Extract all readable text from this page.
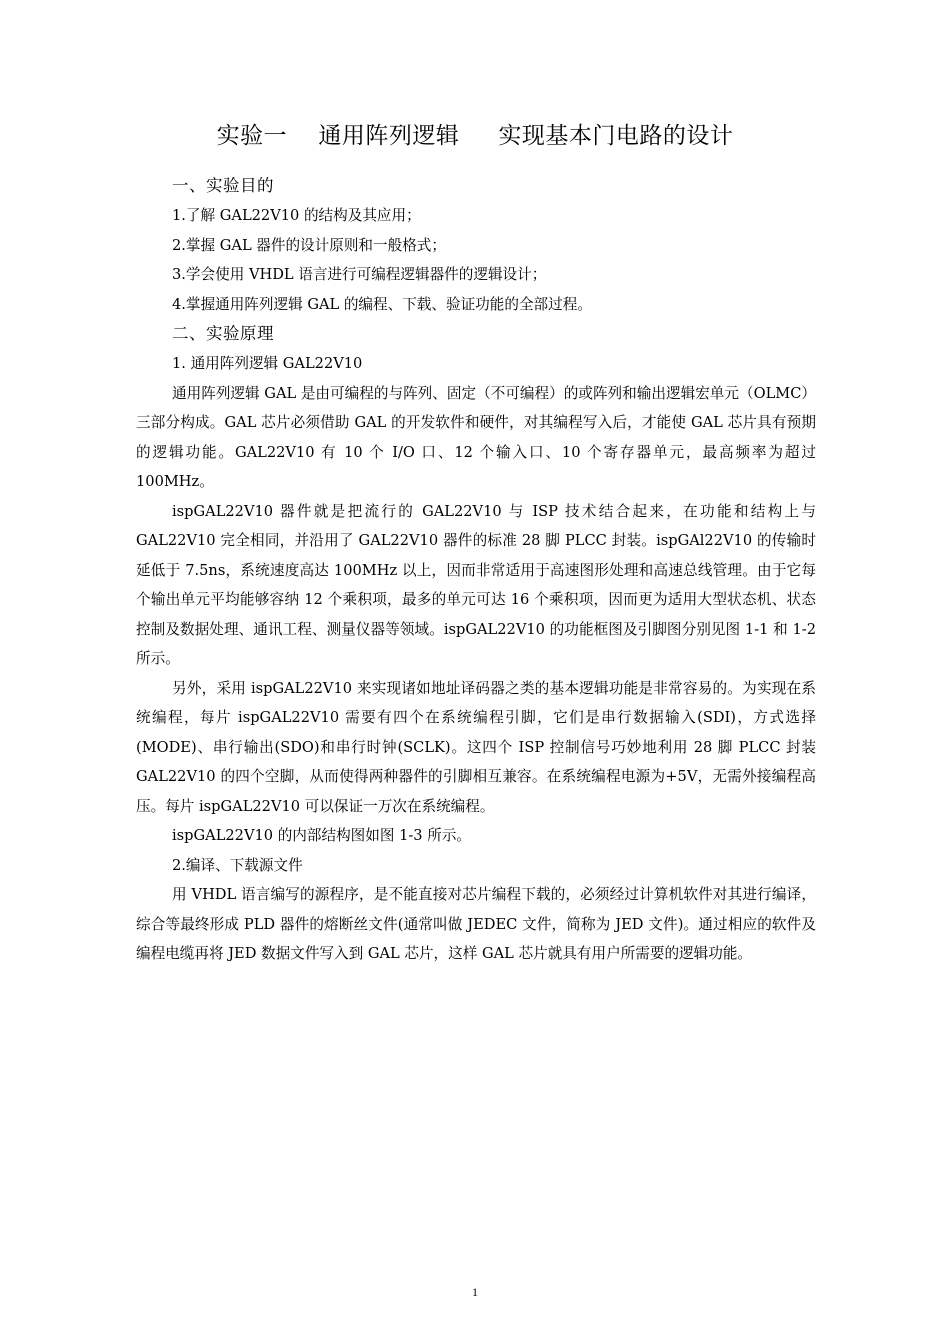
实验一    通用阵列逻辑     实现基本门电路的设计

一、实验目的

1.了解 GAL22V10 的结构及其应用；

2.掌握 GAL 器件的设计原则和一般格式；

3.学会使用 VHDL 语言进行可编程逻辑器件的逻辑设计；

4.掌握通用阵列逻辑 GAL 的编程、下载、验证功能的全部过程。

二、实验原理

1. 通用阵列逻辑 GAL22V10

通用阵列逻辑 GAL 是由可编程的与阵列、固定（不可编程）的或阵列和输出逻辑宏单元（OLMC）三部分构成。GAL 芯片必须借助 GAL 的开发软件和硬件，对其编程写入后，才能使 GAL 芯片具有预期的逻辑功能。GAL22V10 有 10 个 I/O 口、12 个输入口、10 个寄存器单元，最高频率为超过 100MHz。

ispGAL22V10 器件就是把流行的 GAL22V10 与 ISP 技术结合起来，在功能和结构上与 GAL22V10 完全相同，并沿用了 GAL22V10 器件的标准 28 脚 PLCC 封装。ispGAl22V10 的传输时延低于 7.5ns，系统速度高达 100MHz 以上，因而非常适用于高速图形处理和高速总线管理。由于它每个输出单元平均能够容纳 12 个乘积项，最多的单元可达 16 个乘积项，因而更为适用大型状态机、状态控制及数据处理、通讯工程、测量仪器等领域。ispGAL22V10 的功能框图及引脚图分别见图 1-1 和 1-2 所示。

另外，采用 ispGAL22V10 来实现诸如地址译码器之类的基本逻辑功能是非常容易的。为实现在系统编程，每片 ispGAL22V10 需要有四个在系统编程引脚，它们是串行数据输入(SDI)，方式选择(MODE)、串行输出(SDO)和串行时钟(SCLK)。这四个 ISP 控制信号巧妙地利用 28 脚 PLCC 封装 GAL22V10 的四个空脚，从而使得两种器件的引脚相互兼容。在系统编程电源为+5V，无需外接编程高压。每片 ispGAL22V10 可以保证一万次在系统编程。

ispGAL22V10 的内部结构图如图 1-3 所示。

2.编译、下载源文件

用 VHDL 语言编写的源程序，是不能直接对芯片编程下载的，必须经过计算机软件对其进行编译，综合等最终形成 PLD 器件的熔断丝文件(通常叫做 JEDEC 文件，简称为 JED 文件)。通过相应的软件及编程电缆再将 JED 数据文件写入到 GAL 芯片，这样 GAL 芯片就具有用户所需要的逻辑功能。

1
